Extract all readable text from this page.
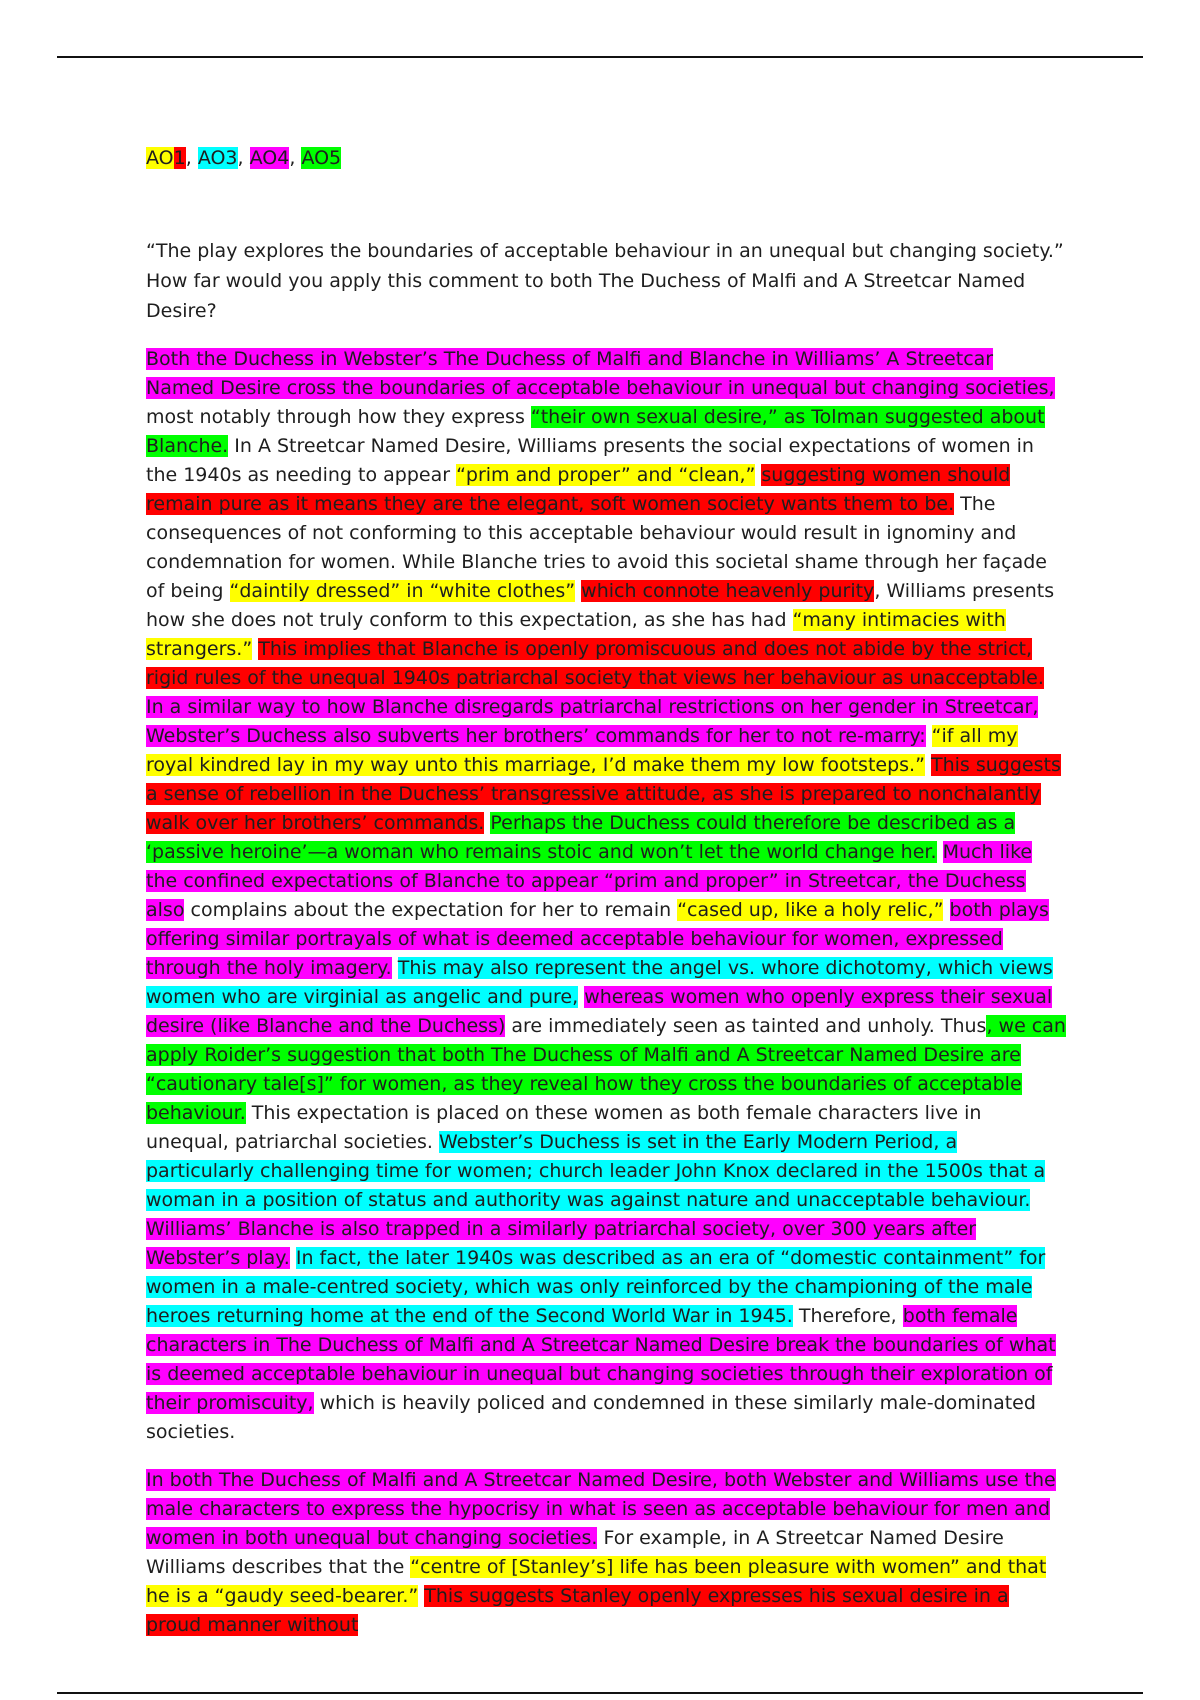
AO1, AO3, AO4, AO5

“The play explores the boundaries of acceptable behaviour in an unequal but changing society.” How far would you apply this comment to both The Duchess of Malfi and A Streetcar Named Desire?

Both the Duchess in Webster’s The Duchess of Malfi and Blanche in Williams’ A Streetcar Named Desire cross the boundaries of acceptable behaviour in unequal but changing societies, most notably through how they express “their own sexual desire,” as Tolman suggested about Blanche. In A Streetcar Named Desire, Williams presents the social expectations of women in the 1940s as needing to appear “prim and proper” and “clean,” suggesting women should remain pure as it means they are the elegant, soft women society wants them to be. The consequences of not conforming to this acceptable behaviour would result in ignominy and condemnation for women. While Blanche tries to avoid this societal shame through her façade of being “daintily dressed” in “white clothes” which connote heavenly purity, Williams presents how she does not truly conform to this expectation, as she has had “many intimacies with strangers.” This implies that Blanche is openly promiscuous and does not abide by the strict, rigid rules of the unequal 1940s patriarchal society that views her behaviour as unacceptable. In a similar way to how Blanche disregards patriarchal restrictions on her gender in Streetcar, Webster’s Duchess also subverts her brothers’ commands for her to not re-marry: “if all my royal kindred lay in my way unto this marriage, I’d make them my low footsteps.” This suggests a sense of rebellion in the Duchess’ transgressive attitude, as she is prepared to nonchalantly walk over her brothers’ commands. Perhaps the Duchess could therefore be described as a ‘passive heroine’—a woman who remains stoic and won’t let the world change her. Much like the confined expectations of Blanche to appear “prim and proper” in Streetcar, the Duchess also complains about the expectation for her to remain “cased up, like a holy relic,” both plays offering similar portrayals of what is deemed acceptable behaviour for women, expressed through the holy imagery. This may also represent the angel vs. whore dichotomy, which views women who are virginial as angelic and pure, whereas women who openly express their sexual desire (like Blanche and the Duchess) are immediately seen as tainted and unholy. Thus, we can apply Roider’s suggestion that both The Duchess of Malfi and A Streetcar Named Desire are “cautionary tale[s]” for women, as they reveal how they cross the boundaries of acceptable behaviour. This expectation is placed on these women as both female characters live in unequal, patriarchal societies. Webster’s Duchess is set in the Early Modern Period, a particularly challenging time for women; church leader John Knox declared in the 1500s that a woman in a position of status and authority was against nature and unacceptable behaviour. Williams’ Blanche is also trapped in a similarly patriarchal society, over 300 years after Webster’s play. In fact, the later 1940s was described as an era of “domestic containment” for women in a male-centred society, which was only reinforced by the championing of the male heroes returning home at the end of the Second World War in 1945. Therefore, both female characters in The Duchess of Malfi and A Streetcar Named Desire break the boundaries of what is deemed acceptable behaviour in unequal but changing societies through their exploration of their promiscuity, which is heavily policed and condemned in these similarly male-dominated societies.

In both The Duchess of Malfi and A Streetcar Named Desire, both Webster and Williams use the male characters to express the hypocrisy in what is seen as acceptable behaviour for men and women in both unequal but changing societies. For example, in A Streetcar Named Desire Williams describes that the “centre of [Stanley’s] life has been pleasure with women” and that he is a “gaudy seed-bearer.” This suggests Stanley openly expresses his sexual desire in a proud manner without
